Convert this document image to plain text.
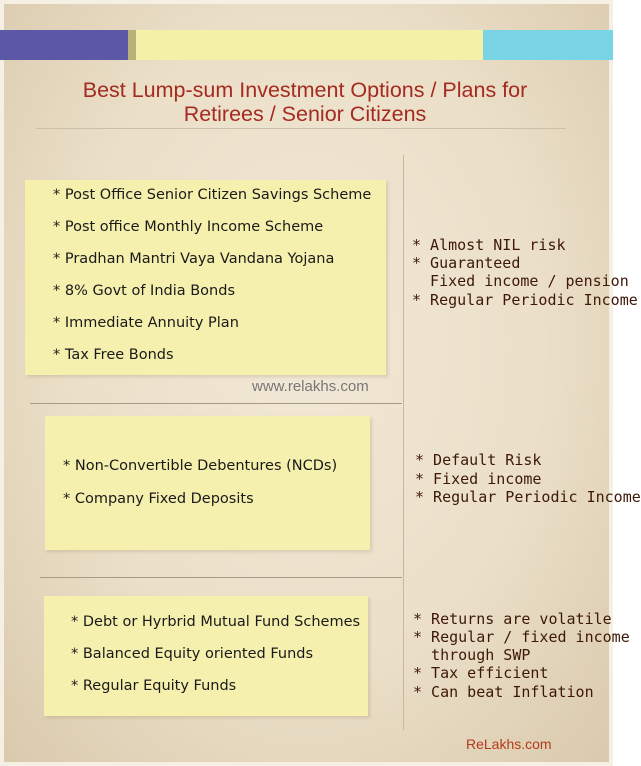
Best Lump-sum Investment Options / Plans for
Retirees / Senior Citizens
* Post Office Senior Citizen Savings Scheme
* Post office Monthly Income Scheme
* Pradhan Mantri Vaya Vandana Yojana
* 8% Govt of India Bonds
* Immediate Annuity Plan
* Tax Free Bonds
* Almost NIL risk
* Guaranteed
Fixed income / pension
* Regular Periodic Income
www.relakhs.com
* Non-Convertible Debentures (NCDs)
* Company Fixed Deposits
* Default Risk
* Fixed income
* Regular Periodic Income
* Debt or Hyrbrid Mutual Fund Schemes
* Balanced Equity oriented Funds
* Regular Equity Funds
* Returns are volatile
* Regular / fixed income
through SWP
* Tax efficient
* Can beat Inflation
ReLakhs.com
